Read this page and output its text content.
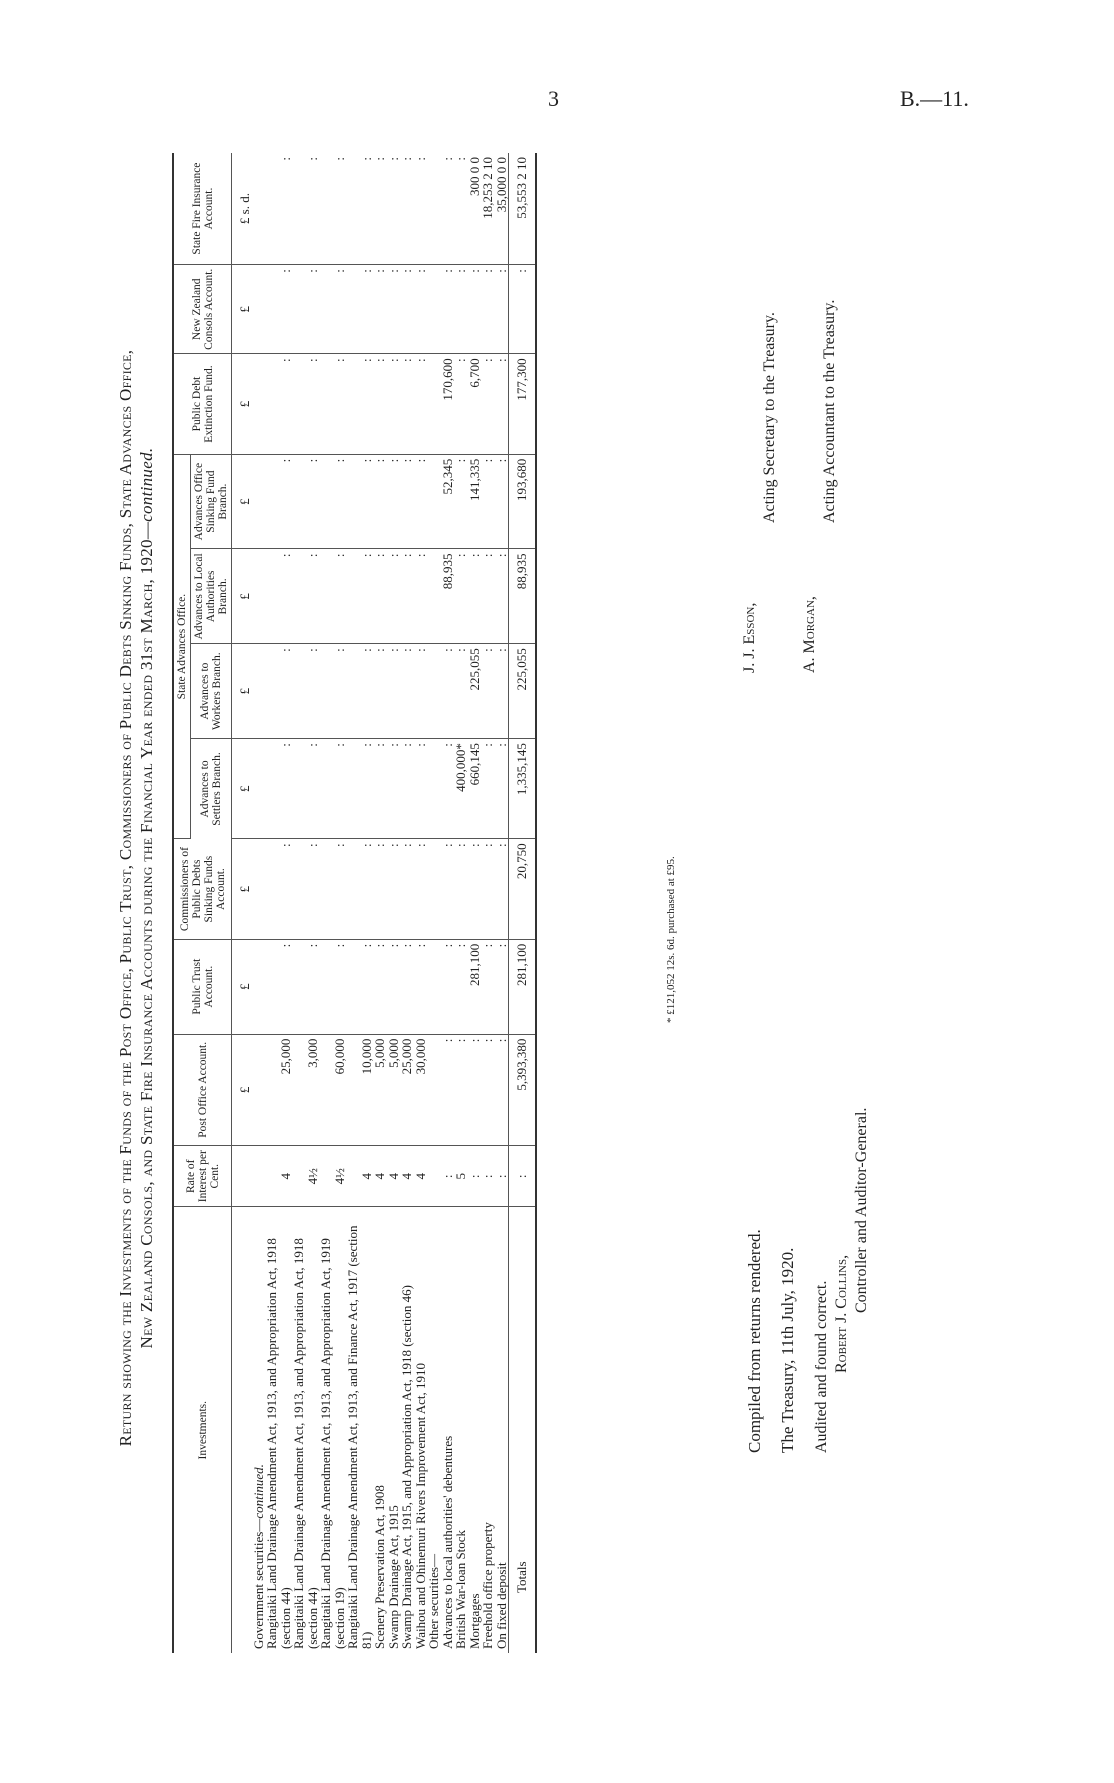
3	B.—11.
Return showing the Investments of the Funds of the Post Office, Public Trust, Commissioners of Public Debts Sinking Funds, State Advances Office, New Zealand Consols, and State Fire Insurance Accounts during the Financial Year ended 31st March, 1920—continued.
Investments.	Rate of Interest per Cent.	Post Office Account.	Public Trust Account.	Commissioners of Public Debts Sinking Funds Account.	State Advances Office.				Public Debt Extinction Fund.	New Zealand Consols Account.	State Fire Insurance Account.
					Advances to Settlers Branch.	Advances to Workers Branch.	Advances to Local Authorities Branch.	Advances Office Sinking Fund Branch.			
		£	£	£	£	£	£	£	£	£	£ s. d.
Government securities—continued.											
Rangitaiki Land Drainage Amendment Act, 1913, and Appropriation Act, 1918 (section 44)	4	25,000	:	:	:	:	:	:	:	:	:
Rangitaiki Land Drainage Amendment Act, 1913, and Appropriation Act, 1918 (section 44)	4½	3,000	:	:	:	:	:	:	:	:	:
Rangitaiki Land Drainage Amendment Act, 1913, and Appropriation Act, 1919 (section 19)	4½	60,000	:	:	:	:	:	:	:	:	:
Rangitaiki Land Drainage Amendment Act, 1913, and Finance Act, 1917 (section 81)	4	10,000	:	:	:	:	:	:	:	:	:
Scenery Preservation Act, 1908	4	5,000	:	:	:	:	:	:	:	:	:
Swamp Drainage Act, 1915	4	5,000	:	:	:	:	:	:	:	:	:
Swamp Drainage Act, 1915, and Appropriation Act, 1918 (section 46)	4	25,000	:	:	:	:	:	:	:	:	:
Waihou and Ohinemuri Rivers Improvement Act, 1910	4	30,000	:	:	:	:	:	:	:	:	:
Other securities—											
Advances to local authorities' debentures	:	:	:	:	:	:	88,935	52,345	170,600	:	:
British War-loan Stock	5	:	:	:	400,000*	:	:	:	:	:	:
Mortgages	:	:	281,100	:	660,145	225,055	:	141,335	6,700	:	300 0 0
Freehold office property	:	:	:	:	:	:	:	:	:	:	18,253 2 10
On fixed deposit	:	:	:	:	:	:	:	:	:	:	35,000 0 0
Totals	:	5,393,380	281,100	20,750	1,335,145	225,055	88,935	193,680	177,300	:	53,553 2 10
* £121,052 12s. 6d. purchased at £95.
Compiled from returns rendered. The Treasury, 11th July, 1920. Audited and found correct. Robert J. Collins,
Controller and Auditor-General.
J. J. Esson,
Acting Secretary to the Treasury.
A. Morgan,
Acting Accountant to the Treasury.
